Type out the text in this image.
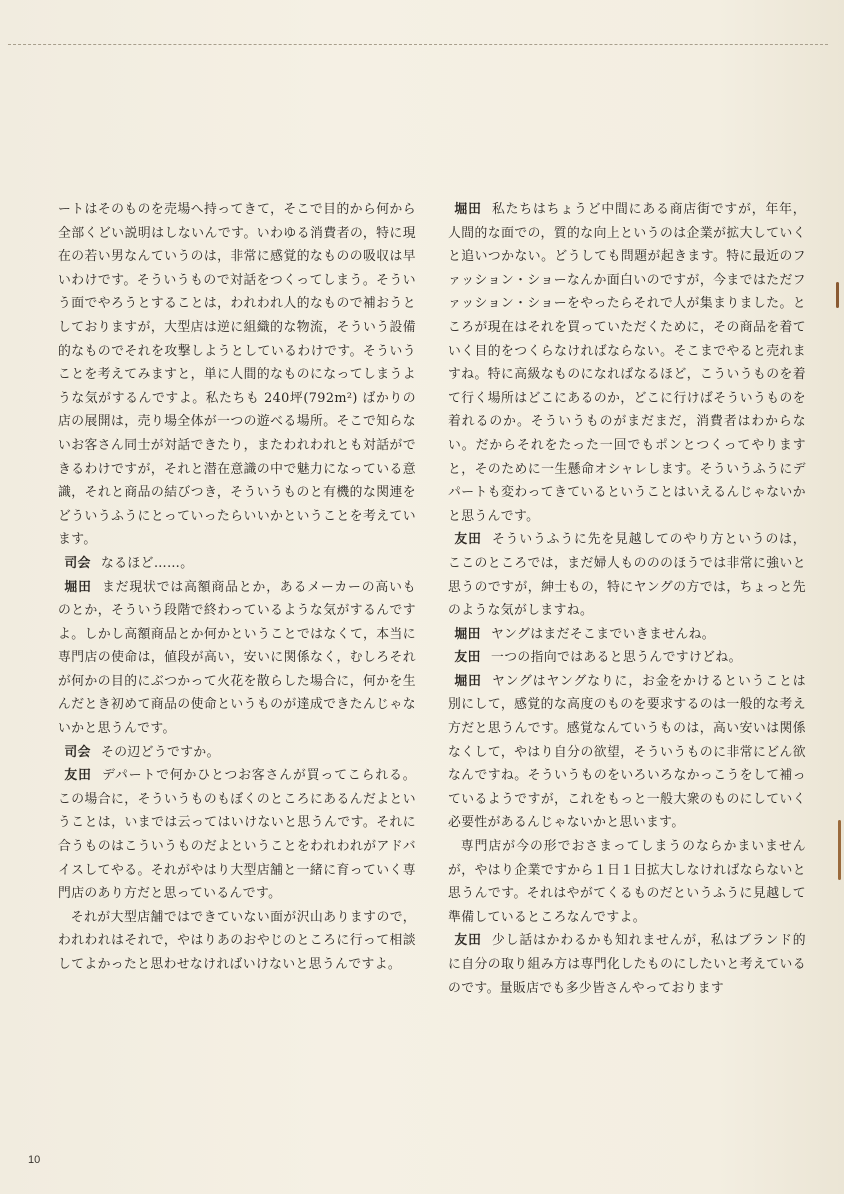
ートはそのものを売場へ持ってきて，そこで目的から何から全部くどい説明はしないんです。いわゆる消費者の，特に現在の若い男なんていうのは，非常に感覚的なものの吸収は早いわけです。そういうもので対話をつくってしまう。そういう面でやろうとすることは，われわれ人的なもので補おうとしておりますが，大型店は逆に組織的な物流，そういう設備的なものでそれを攻撃しようとしているわけです。そういうことを考えてみますと，単に人間的なものになってしまうような気がするんですよ。私たちも 240坪(792m²) ばかりの店の展開は，売り場全体が一つの遊べる場所。そこで知らないお客さん同士が対話できたり，またわれわれとも対話ができるわけですが，それと潜在意識の中で魅力になっている意識，それと商品の結びつき，そういうものと有機的な関連をどういうふうにとっていったらいいかということを考えています。

司会 なるほど……。

堀田 まだ現状では高額商品とか，あるメーカーの高いものとか，そういう段階で終わっているような気がするんですよ。しかし高額商品とか何かということではなくて，本当に専門店の使命は，値段が高い，安いに関係なく，むしろそれが何かの目的にぶつかって火花を散らした場合に，何かを生んだとき初めて商品の使命というものが達成できたんじゃないかと思うんです。

司会 その辺どうですか。

友田 デパートで何かひとつお客さんが買ってこられる。この場合に，そういうものもぼくのところにあるんだよということは，いまでは云ってはいけないと思うんです。それに合うものはこういうものだよということをわれわれがアドバイスしてやる。それがやはり大型店舗と一緒に育っていく専門店のあり方だと思っているんです。

それが大型店舗ではできていない面が沢山ありますので，われわれはそれで，やはりあのおやじのところに行って相談してよかったと思わせなければいけないと思うんですよ。

堀田 私たちはちょうど中間にある商店街ですが，年年，人間的な面での，質的な向上というのは企業が拡大していくと追いつかない。どうしても問題が起きます。特に最近のファッション・ショーなんか面白いのですが，今まではただファッション・ショーをやったらそれで人が集まりました。ところが現在はそれを買っていただくために，その商品を着ていく目的をつくらなければならない。そこまでやると売れますね。特に高級なものになればなるほど，こういうものを着て行く場所はどこにあるのか，どこに行けばそういうものを着れるのか。そういうものがまだまだ，消費者はわからない。だからそれをたった一回でもポンとつくってやりますと，そのために一生懸命オシャレします。そういうふうにデパートも変わってきているということはいえるんじゃないかと思うんです。

友田 そういうふうに先を見越してのやり方というのは，ここのところでは，まだ婦人ものののほうでは非常に強いと思うのですが，紳士もの，特にヤングの方では，ちょっと先のような気がしますね。

堀田 ヤングはまだそこまでいきませんね。

友田 一つの指向ではあると思うんですけどね。

堀田 ヤングはヤングなりに，お金をかけるということは別にして，感覚的な高度のものを要求するのは一般的な考え方だと思うんです。感覚なんていうものは，高い安いは関係なくして，やはり自分の欲望，そういうものに非常にどん欲なんですね。そういうものをいろいろなかっこうをして補っているようですが，これをもっと一般大衆のものにしていく必要性があるんじゃないかと思います。

専門店が今の形でおさまってしまうのならかまいませんが，やはり企業ですから１日１日拡大しなければならないと思うんです。それはやがてくるものだというふうに見越して準備しているところなんですよ。

友田 少し話はかわるかも知れませんが，私はブランド的に自分の取り組み方は専門化したものにしたいと考えているのです。量販店でも多少皆さんやっております

10
